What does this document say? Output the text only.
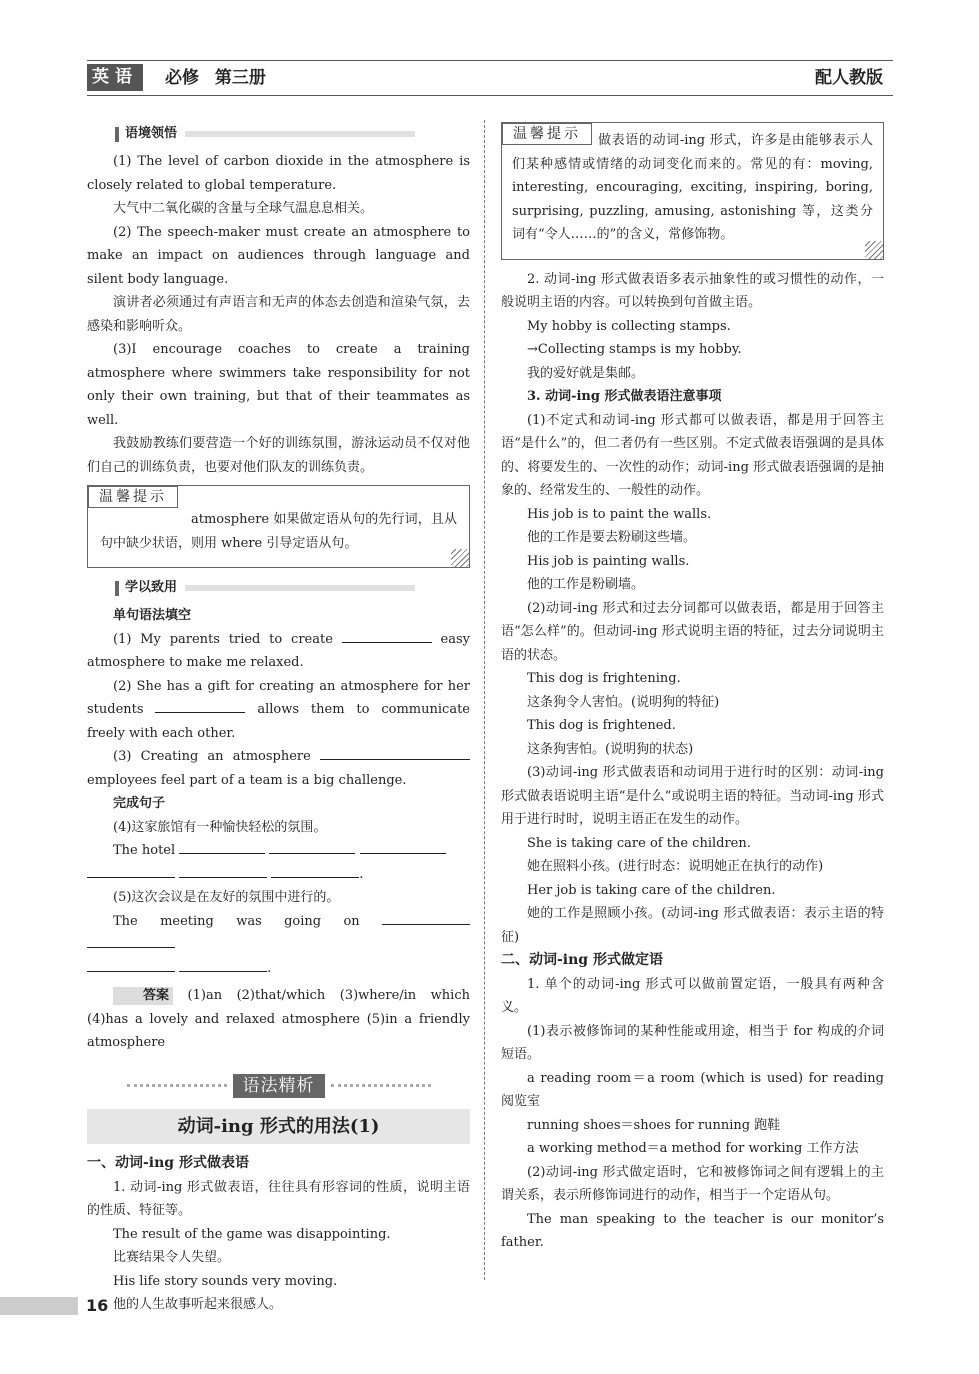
英语 必修 第三册	配人教版
语境领悟

(1) The level of carbon dioxide in the atmosphere is closely related to global temperature.

大气中二氧化碳的含量与全球气温息息相关。

(2) The speech-maker must create an atmosphere to make an impact on audiences through language and silent body language.

演讲者必须通过有声语言和无声的体态去创造和渲染气氛，去感染和影响听众。

(3)I encourage coaches to create a training atmosphere where swimmers take responsibility for not only their own training, but that of their teammates as well.

我鼓励教练们要营造一个好的训练氛围，游泳运动员不仅对他们自己的训练负责，也要对他们队友的训练负责。

温馨提示

atmosphere 如果做定语从句的先行词，且从句中缺少状语，则用 where 引导定语从句。

学以致用

单句语法填空

(1) My parents tried to create	easy atmosphere to make me relaxed.

(2) She has a gift for creating an atmosphere for her students	allows them to communicate freely with each other.

(3) Creating an atmosphere  employees feel part of a team is a big challenge.

完成句子

(4)这家旅馆有一种愉快轻松的氛围。

The hotel

.

(5)这次会议是在友好的氛围中进行的。

The meeting was going on

.

答案 (1)an (2)that/which (3)where/in which (4)has a lovely and relaxed atmosphere (5)in a friendly atmosphere

语法精析
动词-ing 形式的用法(1)

一、动词-ing 形式做表语

1. 动词-ing 形式做表语，往往具有形容词的性质，说明主语的性质、特征等。

The result of the game was disappointing.

比赛结果令人失望。

His life story sounds very moving.

他的人生故事听起来很感人。

温馨提示	做表语的动词-ing 形式，许多是由能够表示人们某种感情或情绪的动词变化而来的。常见的有：moving, interesting, encouraging, exciting, inspiring, boring, surprising, puzzling, amusing, astonishing 等，这类分词有“令人……的”的含义，常修饰物。

2. 动词-ing 形式做表语多表示抽象性的或习惯性的动作，一般说明主语的内容。可以转换到句首做主语。

My hobby is collecting stamps.

→Collecting stamps is my hobby.

我的爱好就是集邮。

3. 动词-ing 形式做表语注意事项

(1)不定式和动词-ing 形式都可以做表语，都是用于回答主语“是什么”的，但二者仍有一些区别。不定式做表语强调的是具体的、将要发生的、一次性的动作；动词-ing 形式做表语强调的是抽象的、经常发生的、一般性的动作。

His job is to paint the walls.

他的工作是要去粉刷这些墙。

His job is painting walls.

他的工作是粉刷墙。

(2)动词-ing 形式和过去分词都可以做表语，都是用于回答主语“怎么样”的。但动词-ing 形式说明主语的特征，过去分词说明主语的状态。

This dog is frightening.

这条狗令人害怕。(说明狗的特征)

This dog is frightened.

这条狗害怕。(说明狗的状态)

(3)动词-ing 形式做表语和动词用于进行时的区别：动词-ing 形式做表语说明主语“是什么”或说明主语的特征。当动词-ing 形式用于进行时时，说明主语正在发生的动作。

She is taking care of the children.

她在照料小孩。(进行时态：说明她正在执行的动作)

Her job is taking care of the children.

她的工作是照顾小孩。(动词-ing 形式做表语：表示主语的特征)

二、动词-ing 形式做定语

1. 单个的动词-ing 形式可以做前置定语，一般具有两种含义。

(1)表示被修饰词的某种性能或用途，相当于 for 构成的介词短语。

a reading room＝a room (which is used) for reading 阅览室

running shoes＝shoes for running 跑鞋

a working method＝a method for working 工作方法

(2)动词-ing 形式做定语时，它和被修饰词之间有逻辑上的主谓关系，表示所修饰词进行的动作，相当于一个定语从句。

The man speaking to the teacher is our monitor’s father.

16
